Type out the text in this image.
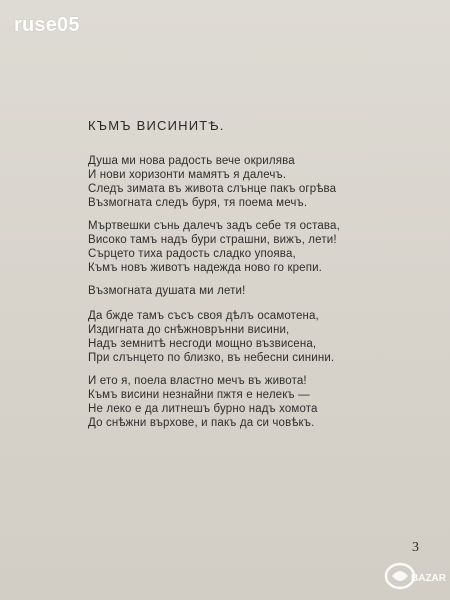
ruse05
КЪМЪ ВИСИНИТѢ.
Душа ми нова радость вече окрилява
И нови хоризонти мамятъ я далечъ.
Следъ зимата въ живота слънце пакъ огрѣва
Възмогната следъ буря, тя поема мечъ.
Мъртвешки сънь далечъ задъ себе тя остава,
Високо тамъ надъ бури страшни, вижъ, лети!
Сърцето тиха радость сладко упоява,
Къмъ новъ животъ надежда ново го крепи.
Възмогната душата ми лети!
Да бжде тамъ съсъ своя дѣлъ осамотена,
Издигната до снѣжноврънни висини,
Надъ земнитѣ несгоди мощно възвисена,
При слънцето по близко, въ небесни синини.
И ето я, поела властно мечъ въ живота!
Къмъ висини незнайни пжтя е нелекъ —
Не леко е да литнешъ бурно надъ хомота
До снѣжни върхове, и пакъ да си човѣкъ.
3
BAZAR
